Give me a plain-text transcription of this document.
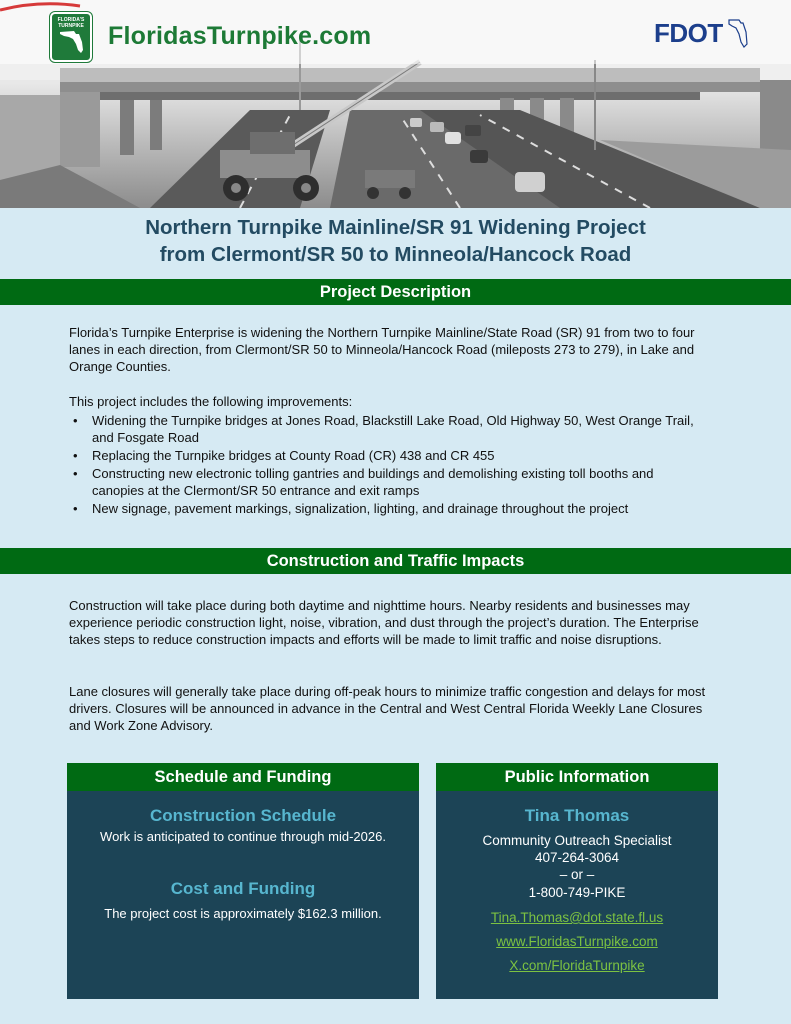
FLORIDA'S
TURNPIKE FloridasTurnpike.com	FDOT
Northern Turnpike Mainline/SR 91 Widening Project
from Clermont/SR 50 to Minneola/Hancock Road
Project Description
Florida’s Turnpike Enterprise is widening the Northern Turnpike Mainline/State Road (SR) 91 from two to four lanes in each direction, from Clermont/SR 50 to Minneola/Hancock Road (mileposts 273 to 279), in Lake and Orange Counties.
This project includes the following improvements:
• Widening the Turnpike bridges at Jones Road, Blackstill Lake Road, Old Highway 50, West Orange Trail, and Fosgate Road
• Replacing the Turnpike bridges at County Road (CR) 438 and CR 455
• Constructing new electronic tolling gantries and buildings and demolishing existing toll booths and canopies at the Clermont/SR 50 entrance and exit ramps
• New signage, pavement markings, signalization, lighting, and drainage throughout the project
Construction and Traffic Impacts
Construction will take place during both daytime and nighttime hours. Nearby residents and businesses may experience periodic construction light, noise, vibration, and dust through the project’s duration. The Enterprise takes steps to reduce construction impacts and efforts will be made to limit traffic and noise disruptions.
Lane closures will generally take place during off-peak hours to minimize traffic congestion and delays for most drivers. Closures will be announced in advance in the Central and West Central Florida Weekly Lane Closures and Work Zone Advisory.
Schedule and Funding
Construction Schedule
Work is anticipated to continue through mid-2026.
Cost and Funding
The project cost is approximately $162.3 million.
Public Information
Tina Thomas
Community Outreach Specialist
407-264-3064
– or –
1-800-749-PIKE
Tina.Thomas@dot.state.fl.us
www.FloridasTurnpike.com
X.com/FloridaTurnpike
